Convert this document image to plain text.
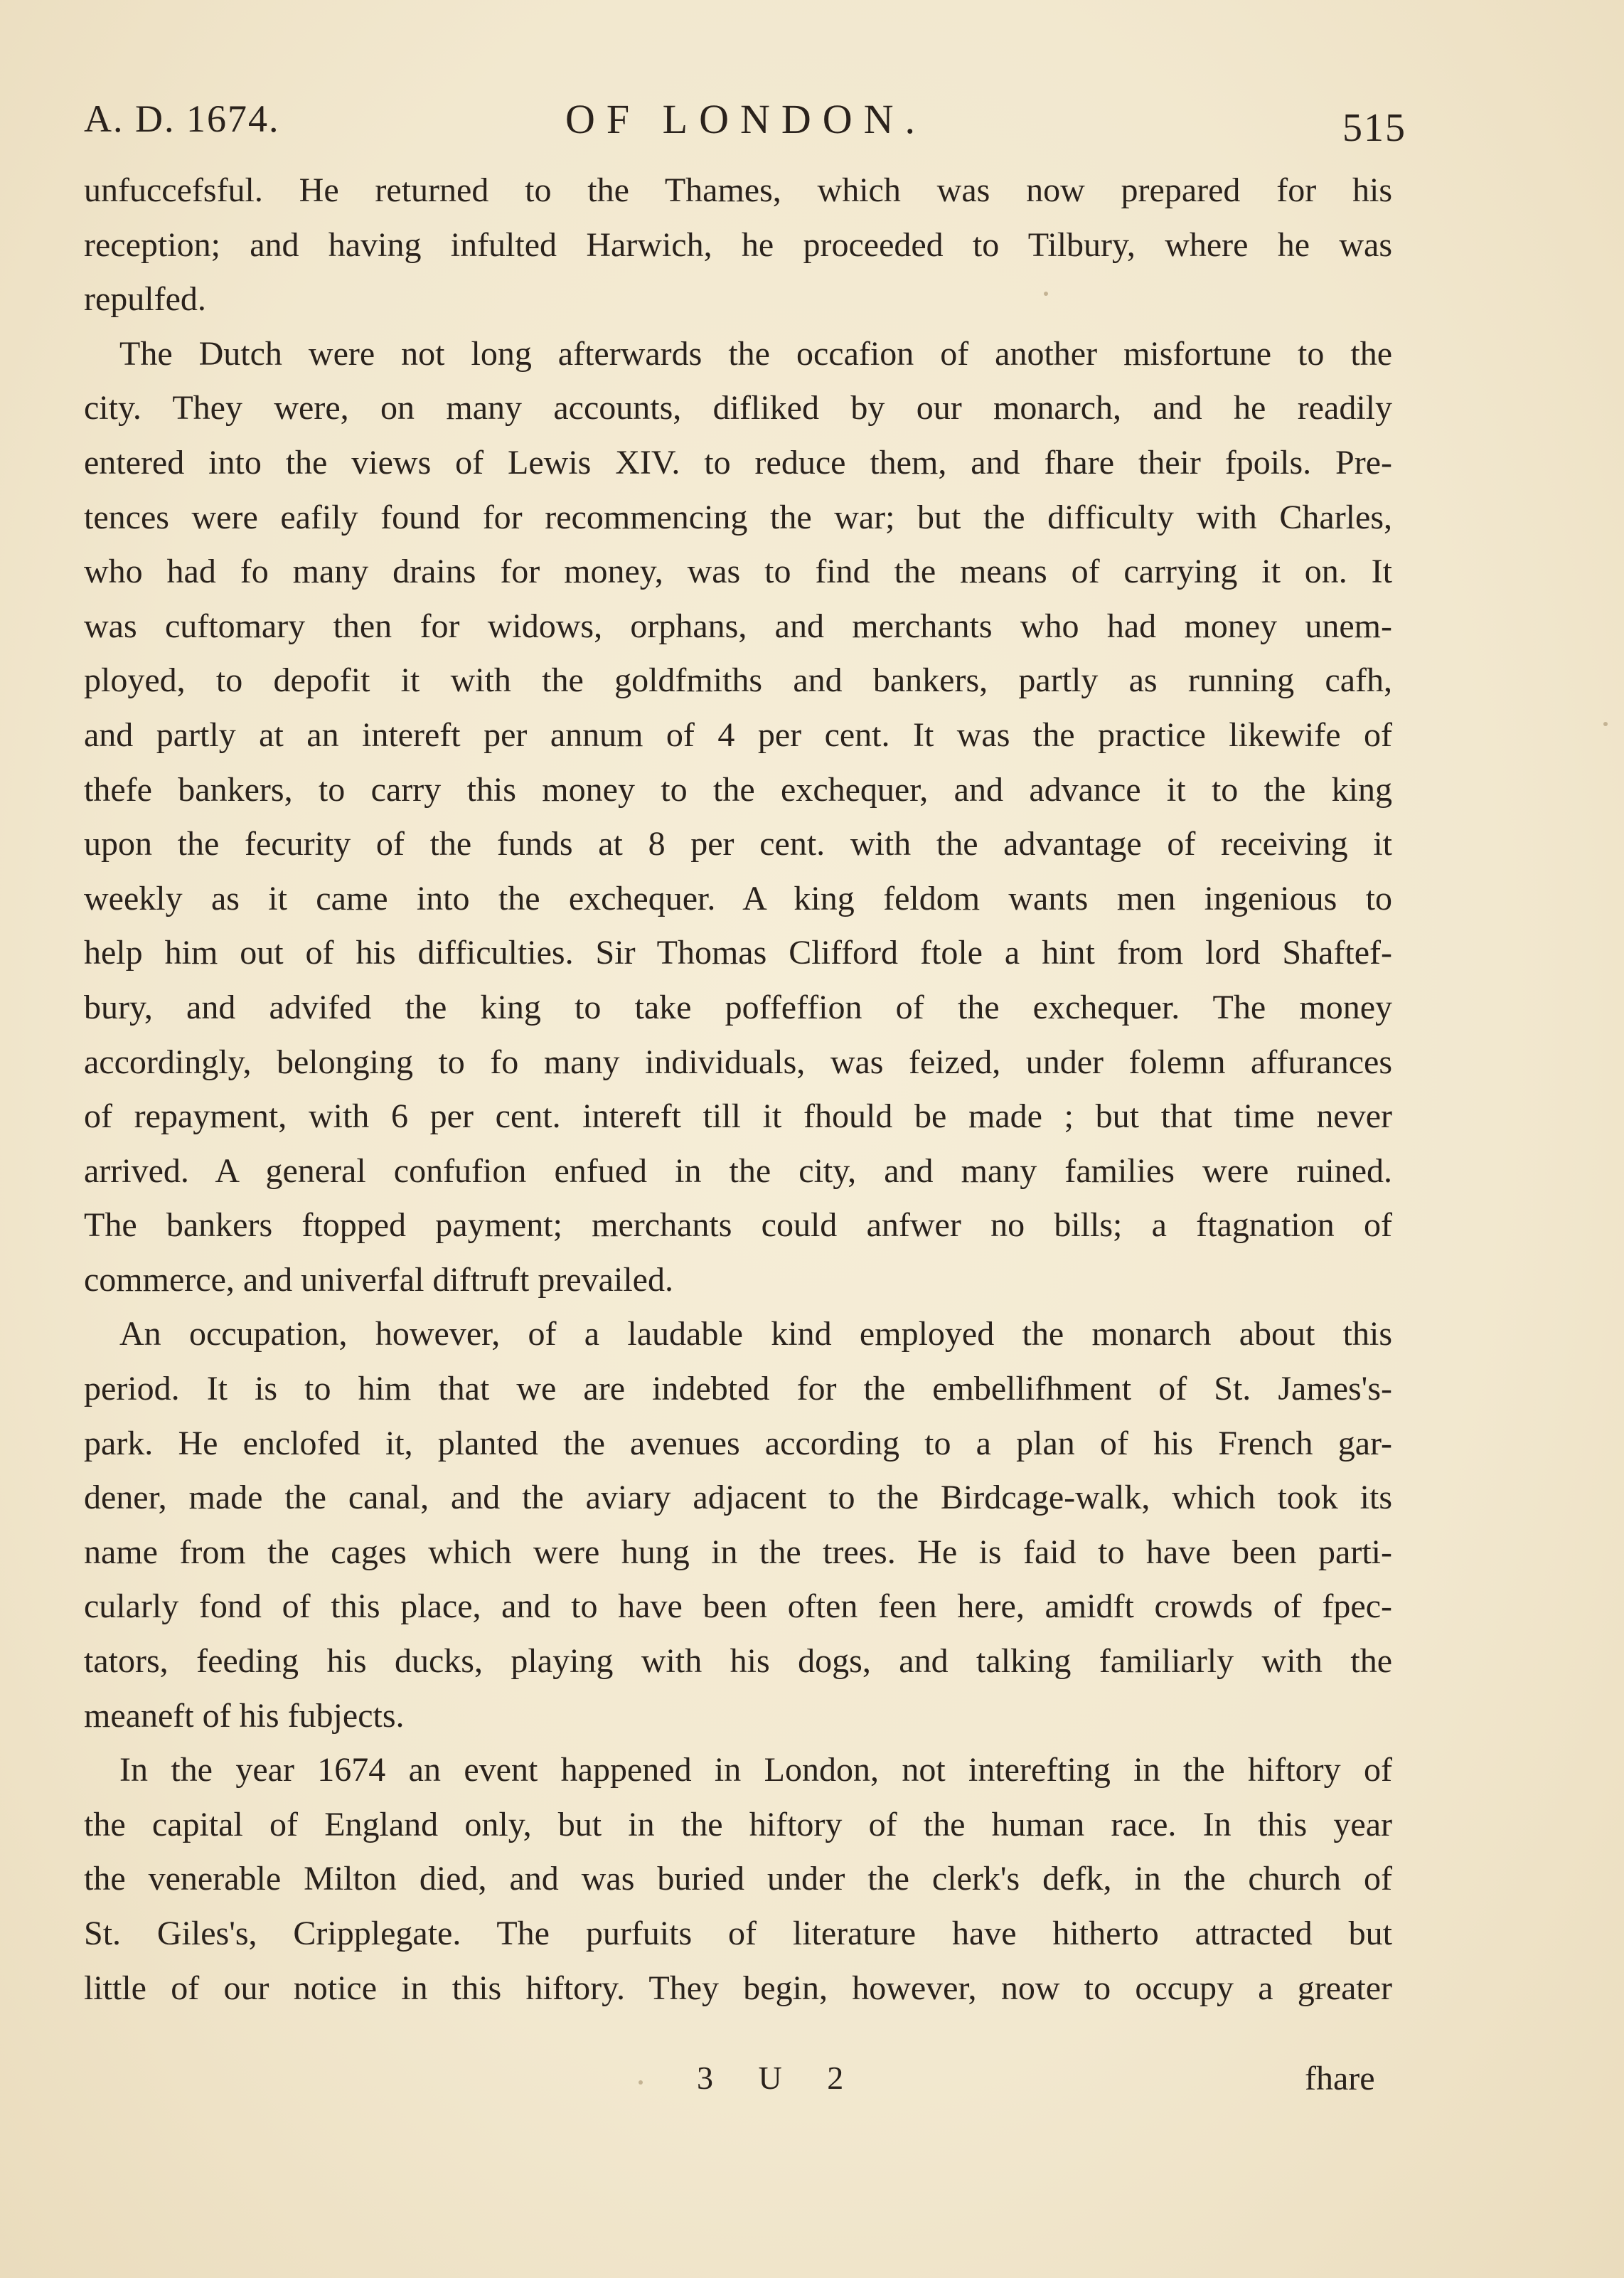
A. D. 1674.	OF LONDON.	515
unfuccefsful. He returned to the Thames, which was now prepared for his
reception; and having infulted Harwich, he proceeded to Tilbury, where he was
repulfed.
The Dutch were not long afterwards the occafion of another misfortune to the
city. They were, on many accounts, difliked by our monarch, and he readily
entered into the views of Lewis XIV. to reduce them, and fhare their fpoils. Pre-
tences were eafily found for recommencing the war; but the difficulty with Charles,
who had fo many drains for money, was to find the means of carrying it on. It
was cuftomary then for widows, orphans, and merchants who had money unem-
ployed, to depofit it with the goldfmiths and bankers, partly as running cafh,
and partly at an intereft per annum of 4 per cent. It was the practice likewife of
thefe bankers, to carry this money to the exchequer, and advance it to the king
upon the fecurity of the funds at 8 per cent. with the advantage of receiving it
weekly as it came into the exchequer. A king feldom wants men ingenious to
help him out of his difficulties. Sir Thomas Clifford ftole a hint from lord Shaftef-
bury, and advifed the king to take poffeffion of the exchequer. The money
accordingly, belonging to fo many individuals, was feized, under folemn affurances
of repayment, with 6 per cent. intereft till it fhould be made ; but that time never
arrived. A general confufion enfued in the city, and many families were ruined.
The bankers ftopped payment; merchants could anfwer no bills; a ftagnation of
commerce, and univerfal diftruft prevailed.
An occupation, however, of a laudable kind employed the monarch about this
period. It is to him that we are indebted for the embellifhment of St. James's-
park. He enclofed it, planted the avenues according to a plan of his French gar-
dener, made the canal, and the aviary adjacent to the Birdcage-walk, which took its
name from the cages which were hung in the trees. He is faid to have been parti-
cularly fond of this place, and to have been often feen here, amidft crowds of fpec-
tators, feeding his ducks, playing with his dogs, and talking familiarly with the
meaneft of his fubjects.
In the year 1674 an event happened in London, not interefting in the hiftory of
the capital of England only, but in the hiftory of the human race. In this year
the venerable Milton died, and was buried under the clerk's defk, in the church of
St. Giles's, Cripplegate. The purfuits of literature have hitherto attracted but
little of our notice in this hiftory. They begin, however, now to occupy a greater
3 U 2	fhare
